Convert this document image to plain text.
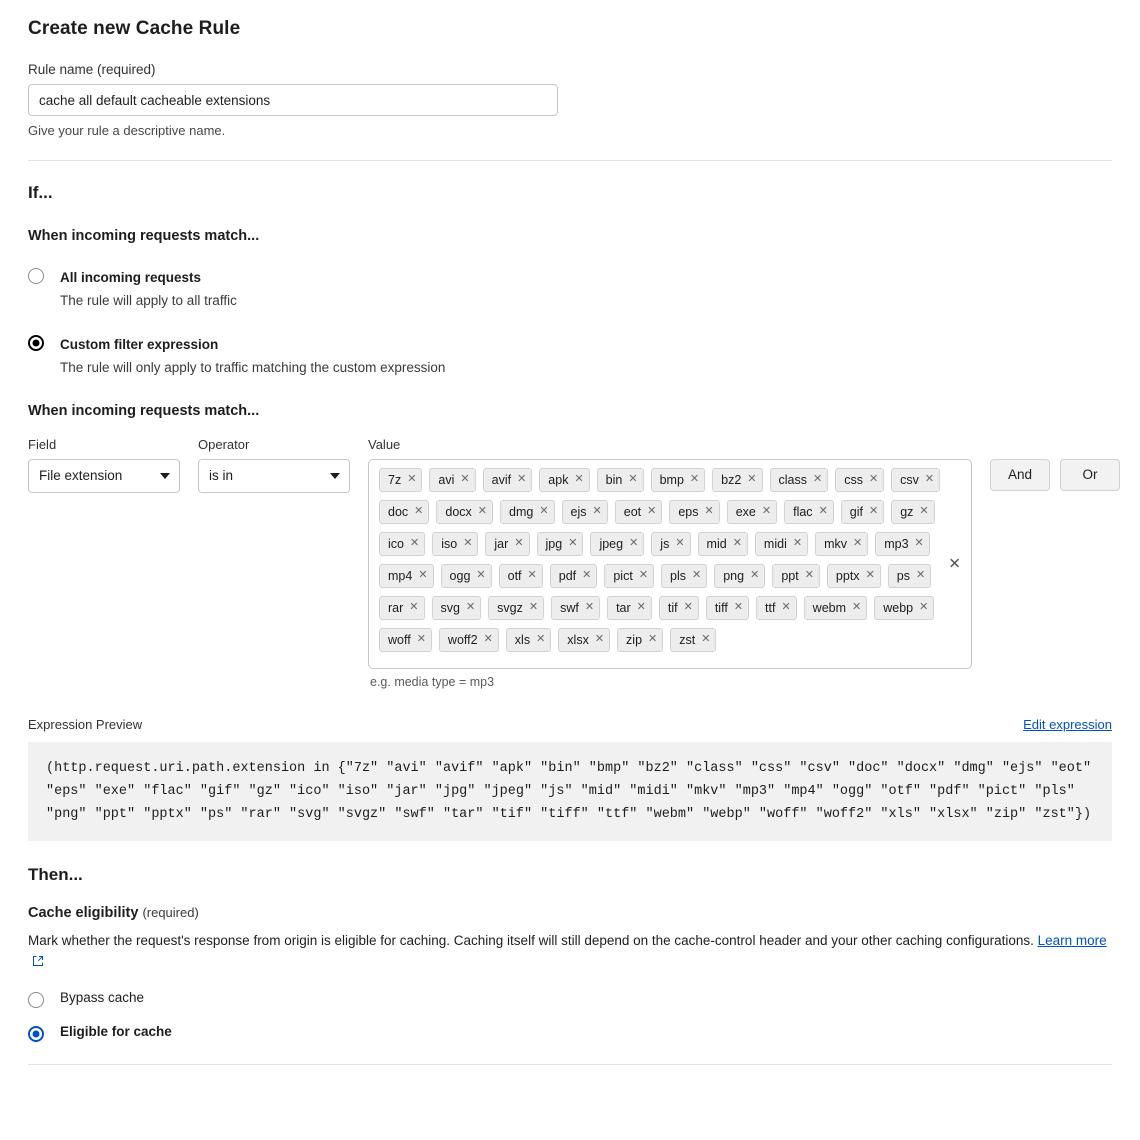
Create new Cache Rule
Rule name (required)
cache all default cacheable extensions
Give your rule a descriptive name.
If...
When incoming requests match...
All incoming requests
The rule will apply to all traffic
Custom filter expression
The rule will only apply to traffic matching the custom expression
When incoming requests match...
Field
File extension
Operator
is in
Value
7z ✕ avi ✕ avif ✕ apk ✕ bin ✕ bmp ✕ bz2 ✕ class ✕ css ✕ csv ✕
doc ✕ docx ✕ dmg ✕ ejs ✕ eot ✕ eps ✕ exe ✕ flac ✕ gif ✕ gz ✕
ico ✕ iso ✕ jar ✕ jpg ✕ jpeg ✕ js ✕ mid ✕ midi ✕ mkv ✕ mp3 ✕
mp4 ✕ ogg ✕ otf ✕ pdf ✕ pict ✕ pls ✕ png ✕ ppt ✕ pptx ✕ ps ✕
rar ✕ svg ✕ svgz ✕ swf ✕ tar ✕ tif ✕ tiff ✕ ttf ✕ webm ✕ webp ✕
woff ✕ woff2 ✕ xls ✕ xlsx ✕ zip ✕ zst ✕
✕
e.g. media type = mp3
And	Or
Expression Preview	Edit expression
(http.request.uri.path.extension in {"7z" "avi" "avif" "apk" "bin" "bmp" "bz2" "class" "css" "csv" "doc" "docx" "dmg" "ejs" "eot" "eps" "exe" "flac" "gif" "gz" "ico" "iso" "jar" "jpg" "jpeg" "js" "mid" "midi" "mkv" "mp3" "mp4" "ogg" "otf" "pdf" "pict" "pls" "png" "ppt" "pptx" "ps" "rar" "svg" "svgz" "swf" "tar" "tif" "tiff" "ttf" "webm" "webp" "woff" "woff2" "xls" "xlsx" "zip" "zst"})
Then...
Cache eligibility (required)
Mark whether the request's response from origin is eligible for caching. Caching itself will still depend on the cache-control header and your other caching configurations. Learn more
Bypass cache
Eligible for cache
